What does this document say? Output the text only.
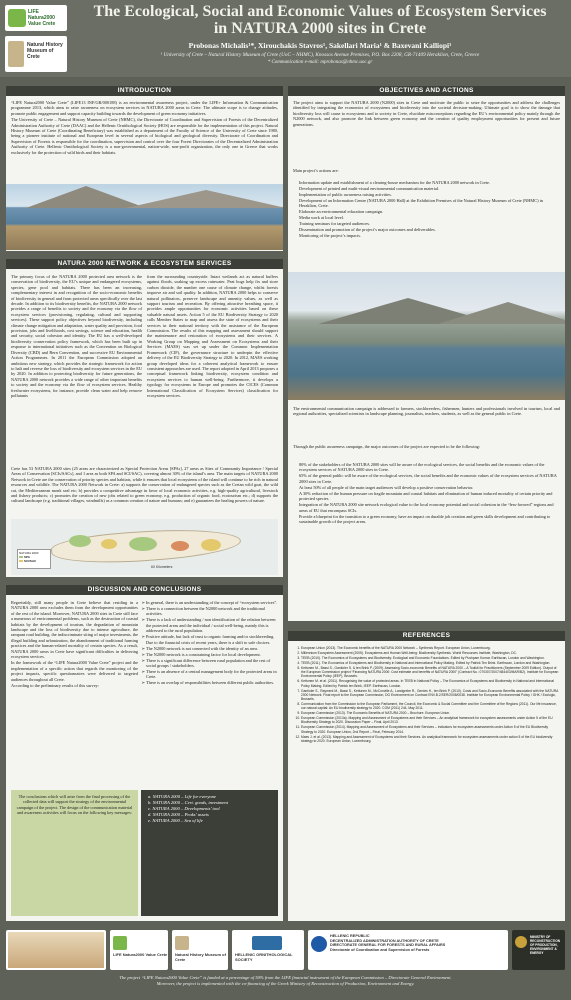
LIFE Natura2000 Value Crete
Natural History Museum of Crete
The Ecological, Social and Economic Values of Ecosystem Services
in NATURA 2000 sites in Crete
Probonas Michalis¹*, Xirouchakis Stavros¹, Sakellari Maria¹ & Baxevani Kalliopi¹
¹ University of Crete – Natural History Museum of Crete (UoC – NHMC), Knossos Avenue Premises, P.O. Box 2208, GR-71409 Heraklion, Crete, Greece
* Communication e-mail: mprobonas@nhmc.uoc.gr
INTRODUCTION

“LIFE Natura2000 Value Crete” (LIFE13 INF/GR/000188) is an environmental awareness project, under the LIFE+ Information & Communication programme 2013, which aims to raise awareness on ecosystem services in NATURA 2000 areas in Crete. The ultimate scope is to change attitudes, promote public engagement and support capacity building towards the development of green economy initiatives.

The University of Crete – Natural History Museum of Crete (NHMC), the Directorate of Coordination and Supervision of Forests of the Decentralized Administration Authority of Crete (DAAC) and the Hellenic Ornithological Society (HOS) are responsible for the implementation of this project. Natural History Museum of Crete (Coordinating Beneficiary) was established as a department of the Faculty of Science of the University of Crete since 1980, being a pioneer institute of national and European level in several aspects of biological and geological diversity. Directorate of Coordination and Supervision of Forests is responsible for the coordination, supervision and control over the four Forest Directorates of the Decentralized Administration Authority of Crete. Hellenic Ornithological Society is a non-governmental, nation-wide, non-profit organization, the only one in Greece that works exclusively for the protection of wild birds and their habitats.

NATURA 2000 NETWORK & ECOSYSTEM SERVICES
The primary focus of the NATURA 2000 protected area network is the conservation of biodiversity, the EU’s unique and endangered ecosystems, species, gene pool and habitats. There has been an increasing, complementary interest in and recognition of the socio-economic benefits of biodiversity in general and from protected areas specifically over the last decade. In addition to its biodiversity benefits, the NATURA 2000 network provides a range of benefits to society and the economy via the flow of ecosystem services (provisioning, regulating, cultural and supporting services). These support policy objectives beyond biodiversity, including climate change mitigation and adaptation, water quality and provision, food provision, jobs and livelihoods, cost savings, science and education, health and security, social cohesion and identity. The EU has a well-developed biodiversity conservation policy framework, which has been built up in response to international initiatives such as the Convention on Biological Diversity (CBD) and Bern Convention, and successive EU Environmental Action Programmes. In 2011 the European Commission adopted an ambitious new strategy, which provides the strategic framework for action to halt and reverse the loss of biodiversity and ecosystem services in the EU by 2020. In addition to protecting biodiversity for future generations, the NATURA 2000 network provides a wide range of other important benefits to society and the economy via the flow of ecosystem services. Healthy freshwater ecosystems, for instance, provide clean water and help remove pollutants
from the surrounding countryside. Intact wetlands act as natural buffers against floods, soaking up excess rainwater. Peat bogs help fix and store carbon dioxide, the number one cause of climate change, whilst forests improve air and soil quality. In addition, NATURA 2000 helps to conserve natural pollinators, preserve landscape and amenity values, as well as support tourism and recreation. By offering attractive breathing space, it provides ample opportunities for economic activities based on these valuable natural assets. Action 5 of the EU Biodiversity Strategy to 2020 calls Member States to map and assess the state of ecosystems and their services in their national territory with the assistance of the European Commission. The results of this mapping and assessment should support the maintenance and restoration of ecosystems and their services. A Working Group on Mapping and Assessment on Ecosystems and their Services (MAES) was set up under the Common Implementation Framework (CIF), the governance structure to underpin the effective delivery of the EU Biodiversity Strategy to 2020. In 2012, MAES working group developed ideas for a coherent analytical framework to ensure consistent approaches are used. The report adopted in April 2013 proposes a conceptual framework linking biodiversity, ecosystem condition and ecosystem services to human well-being. Furthermore, it develops a typology for ecosystems in Europe and promotes the CICES (Common International Classification of Ecosystem Services) classification for ecosystem services.
Crete has 53 NATURA 2000 sites (25 areas are characterized as Special Protection Areas [SPAs], 27 areas as Sites of Community Importance / Special Areas of Conservation [SCIs/SACs], and 1 area as both SPA and SCI/SAC), covering almost 30% of the island’s area. The main targets of NATURA 2000 Network in Crete are the conservation of priority species and habitats, while it ensures that local ecosystems of the island will continue to be rich in natural resources and wildlife. The NATURA 2000 Network in Crete: a) supports the conservation of endangered species such as the Cretan wild goat, the wild cat, the Mediterranean monk seal etc; b) provides a competitive advantage in favor of local economic activities, e.g. high-quality agricultural, livestock and fishery products; c) promotes the creation of new jobs related to green economy, e.g. production of organic food, ecotourism etc.; d) supports the cultural landscape (e.g. traditional villages, windmills) as a common creation of nature and humans; and e) guarantees the healing powers of nature.
NATURA 2000
SPA
SCI/SAC
60 Kilometers
DISCUSSION AND CONCLUSIONS

Regrettably, still many people in Crete believe that residing in a NATURA 2000 area excludes them from the development opportunities of the rest of the island. Moreover, NATURA 2000 sites in Crete still face a numerous of environmental problems, such as the destruction of coastal habitats by the development of tourism, the degradation of mountain landscape and the loss of biodiversity due to intense agriculture, the rampant road building, the indiscriminate siting of major investments, the illegal building and urbanization, the abandonment of traditional farming practices and the human-related mortality of certain species. As a result, NATURA 2000 areas in Crete have significant difficulties in delivering ecosystem services.

In the framework of the “LIFE Natura2000 Value Crete” project and the implementation of a specific action that regards the monitoring of the project impacts, specific questionnaires were delivered to targeted audiences throughout all Crete.

According to the preliminary results of this survey:

➢ In general, there is an understanding of the concept of “ecosystem services”.
➢ There is a connection between the N2000 network and the traditional activities.
➢ There is a lack of understanding / non identification of the relation between the protected areas and the individual / social well-being, mainly this is addressed to the rural population.
➢ Positive attitude, but lack of trust to organic farming and/or stockbreeding. Due to the financial crisis of recent years, there is a shift to safe choices.
➢ The N2000 network is not connected with the identity of an area.
➢ The N2000 network is a constraining factor for local development.
➢ There is a significant difference between rural population and the rest of social groups / stakeholders.
➢ There is an absence of a central management body for the protected areas in Crete.
➢ There is an overlap of responsibilities between different public authorities.
The conclusions which will arise from the final processing of the collected data will support the strategy of the environmental campaign of the project. The design of the communication material and awareness activities will focus on the following key messages:
a. NATURA 2000 – Life for everyone
b. NATURA 2000 – Cert. goods, investment
c. NATURA 2000 – Developments’ tool
d. NATURA 2000 – Peaks’ assets
e. NATURA 2000 – Sea of life
OBJECTIVES AND ACTIONS
The project aims to support the NATURA 2000 (N2000) sites in Crete and motivate the public to seize the opportunities and address the challenges identified by integrating the economics of ecosystems and biodiversity into the societal decision-making. Ultimate goal is to show the damage that biodiversity loss will cause to ecosystems and to society in Crete, elucidate misconceptions regarding the EU’s environmental policy mainly through the N2000 network, and also promote the link between green economy and the creation of quality employment opportunities for present and future generations.
Main project’s actions are:
▪ Information update and establishment of a clearing-house mechanism for the NATURA 2000 network in Crete.
▪ Development of printed and multi-visual environmental communication material.
▪ Implementation of public awareness raising activities.
▪ Development of an Information Centre (NATURA 2000 Hall) at the Exhibition Premises of the Natural History Museum of Crete (NHMC) in Heraklion, Crete.
▪ Elaborate an environmental education campaign.
▪ Media work at local level.
▪ Training seminars for targeted audiences.
▪ Dissemination and promotion of the project’s major outcomes and deliverables.
▪ Monitoring of the project’s impacts.
The environmental communication campaign is addressed to farmers, stockbreeders, fishermen, hunters and professionals involved in tourism, local and regional authorities, specialized scientists in landscape planning, journalists, teachers, students, as well as the general public in Crete.
Through the public awareness campaign, the major outcomes of the project are expected to be the following:
▪ 80% of the stakeholders of the NATURA 2000 sites will be aware of the ecological services, the social benefits and the economic values of the ecosystem services of NATURA 2000 sites in Crete.
▪ 65% of the general public will be aware of the ecological services, the social benefits and the economic values of the ecosystem services of NATURA 2000 sites in Crete.
▪ At least 50% of all people of the main target audiences will develop a positive conservation behavior.
▪ A 30% reduction of the human pressure on fragile mountain and coastal habitats and elimination of human induced mortality of certain priority and protected species.
▪ Integration of the NATURA 2000 site network ecological value to the local economy potential and social cohesion in the “less-favored” regions and areas of EU that encompass SCIs.
▪ Provide a blueprint for the transition to a green economy, have an impact on durable job creation and green skills development and contributing to sustainable growth of the project areas.
REFERENCES
1. European Union (2013). The Economic benefits of the NATURA 2000 Network – Synthesis Report. European Union, Luxembourg.
2. Millennium Ecosystem Assessment (2005). Ecosystems and Human Well-being: Biodiversity Synthesis. World Resources Institute, Washington, DC.
3. TEEB (2010). The Economics of Ecosystems and Biodiversity: Ecological and Economic Foundations. Edited by Pushpam Kumar. Earthscan, London and Washington.
4. TEEB (2011). The Economics of Ecosystems and Biodiversity in National and International Policy Making. Edited by Patrick Ten Brink. Earthscan, London and Washington.
5. Kettunen M., Bassi S., Gantioler S. & ten Brink P. (2009). Assessing Socio-economic Benefits of NATURA 2000 – A Toolkit for Practitioners (September 2009 Edition). Output of the European Commission project “Financing NATURA 2000: Cost estimate and benefits of NATURA 2000” (Contract No.: 070307/2007/484403/MAR/B2). Institute for European Environmental Policy (IEEP), Brussels.
6. Kettunen M. et al. (2011). Recognising the value of protected areas. In TEEB in National Policy – The Economics of Ecosystems and Biodiversity in National and International Policy Making. Edited by Patrick ten Brink, IEEP. Earthscan, London.
7. Gantioler S., Rayment M., Bassi S., Kettunen M., McConville A., Landgrebe R., Gerdes H., ten Brink P. (2010). Costs and Socio-Economic Benefits associated with the NATURA 2000 Network. Final report to the European Commission, DG Environment on Contract ENV.B.2/SER/2008/0038. Institute for European Environmental Policy / GHK / Ecologic, Brussels.
8. Communication from the Commission to the European Parliament, the Council, the Economic & Social Committee and the Committee of the Regions (2011). Our life insurance, our natural capital: An EU biodiversity strategy to 2020. COM (2011) 244, May 2011.
9. European Commission (2013). The Economic Benefits of NATURA 2000 – Brochure. European Union.
10. European Commission (2013a). Mapping and Assessment of Ecosystems and their Services – An analytical framework for ecosystem assessments under Action 5 of the EU Biodiversity Strategy to 2020. Discussion Paper – Final, April 2013.
11. European Commission (2014). Mapping and Assessment of Ecosystems and their Services – Indicators for ecosystem assessments under Action 5 of the EU Biodiversity Strategy to 2020. European Union, 2nd Report – Final, February 2014.
12. Maes J. et al. (2013). Mapping and Assessment of Ecosystems and their Services. An analytical framework for ecosystem assessments under action 5 of the EU biodiversity strategy to 2020. European Union, Luxembourg.
LIFE Natura2000 Value Crete Natural History Museum of Crete
HELLENIC ORNITHOLOGICAL SOCIETY
HELLENIC REPUBLIC
DECENTRALIZED ADMINISTRATION AUTHORITY OF CRETE
DIRECTORATE GENERAL FOR FORESTS AND RURAL AFFAIRS
Directorate of Coordination and Supervision of Forests
MINISTRY OF RECONSTRUCTION OF PRODUCTION, ENVIRONMENT & ENERGY
The project “LIFE Natura2000 Value Crete” is funded at a percentage of 50% from the LIFE financial instrument of the European Commission – Directorate General Environment.
Moreover, the project is implemented with the co-financing of the Greek Ministry of Reconstruction of Production, Environment and Energy.
